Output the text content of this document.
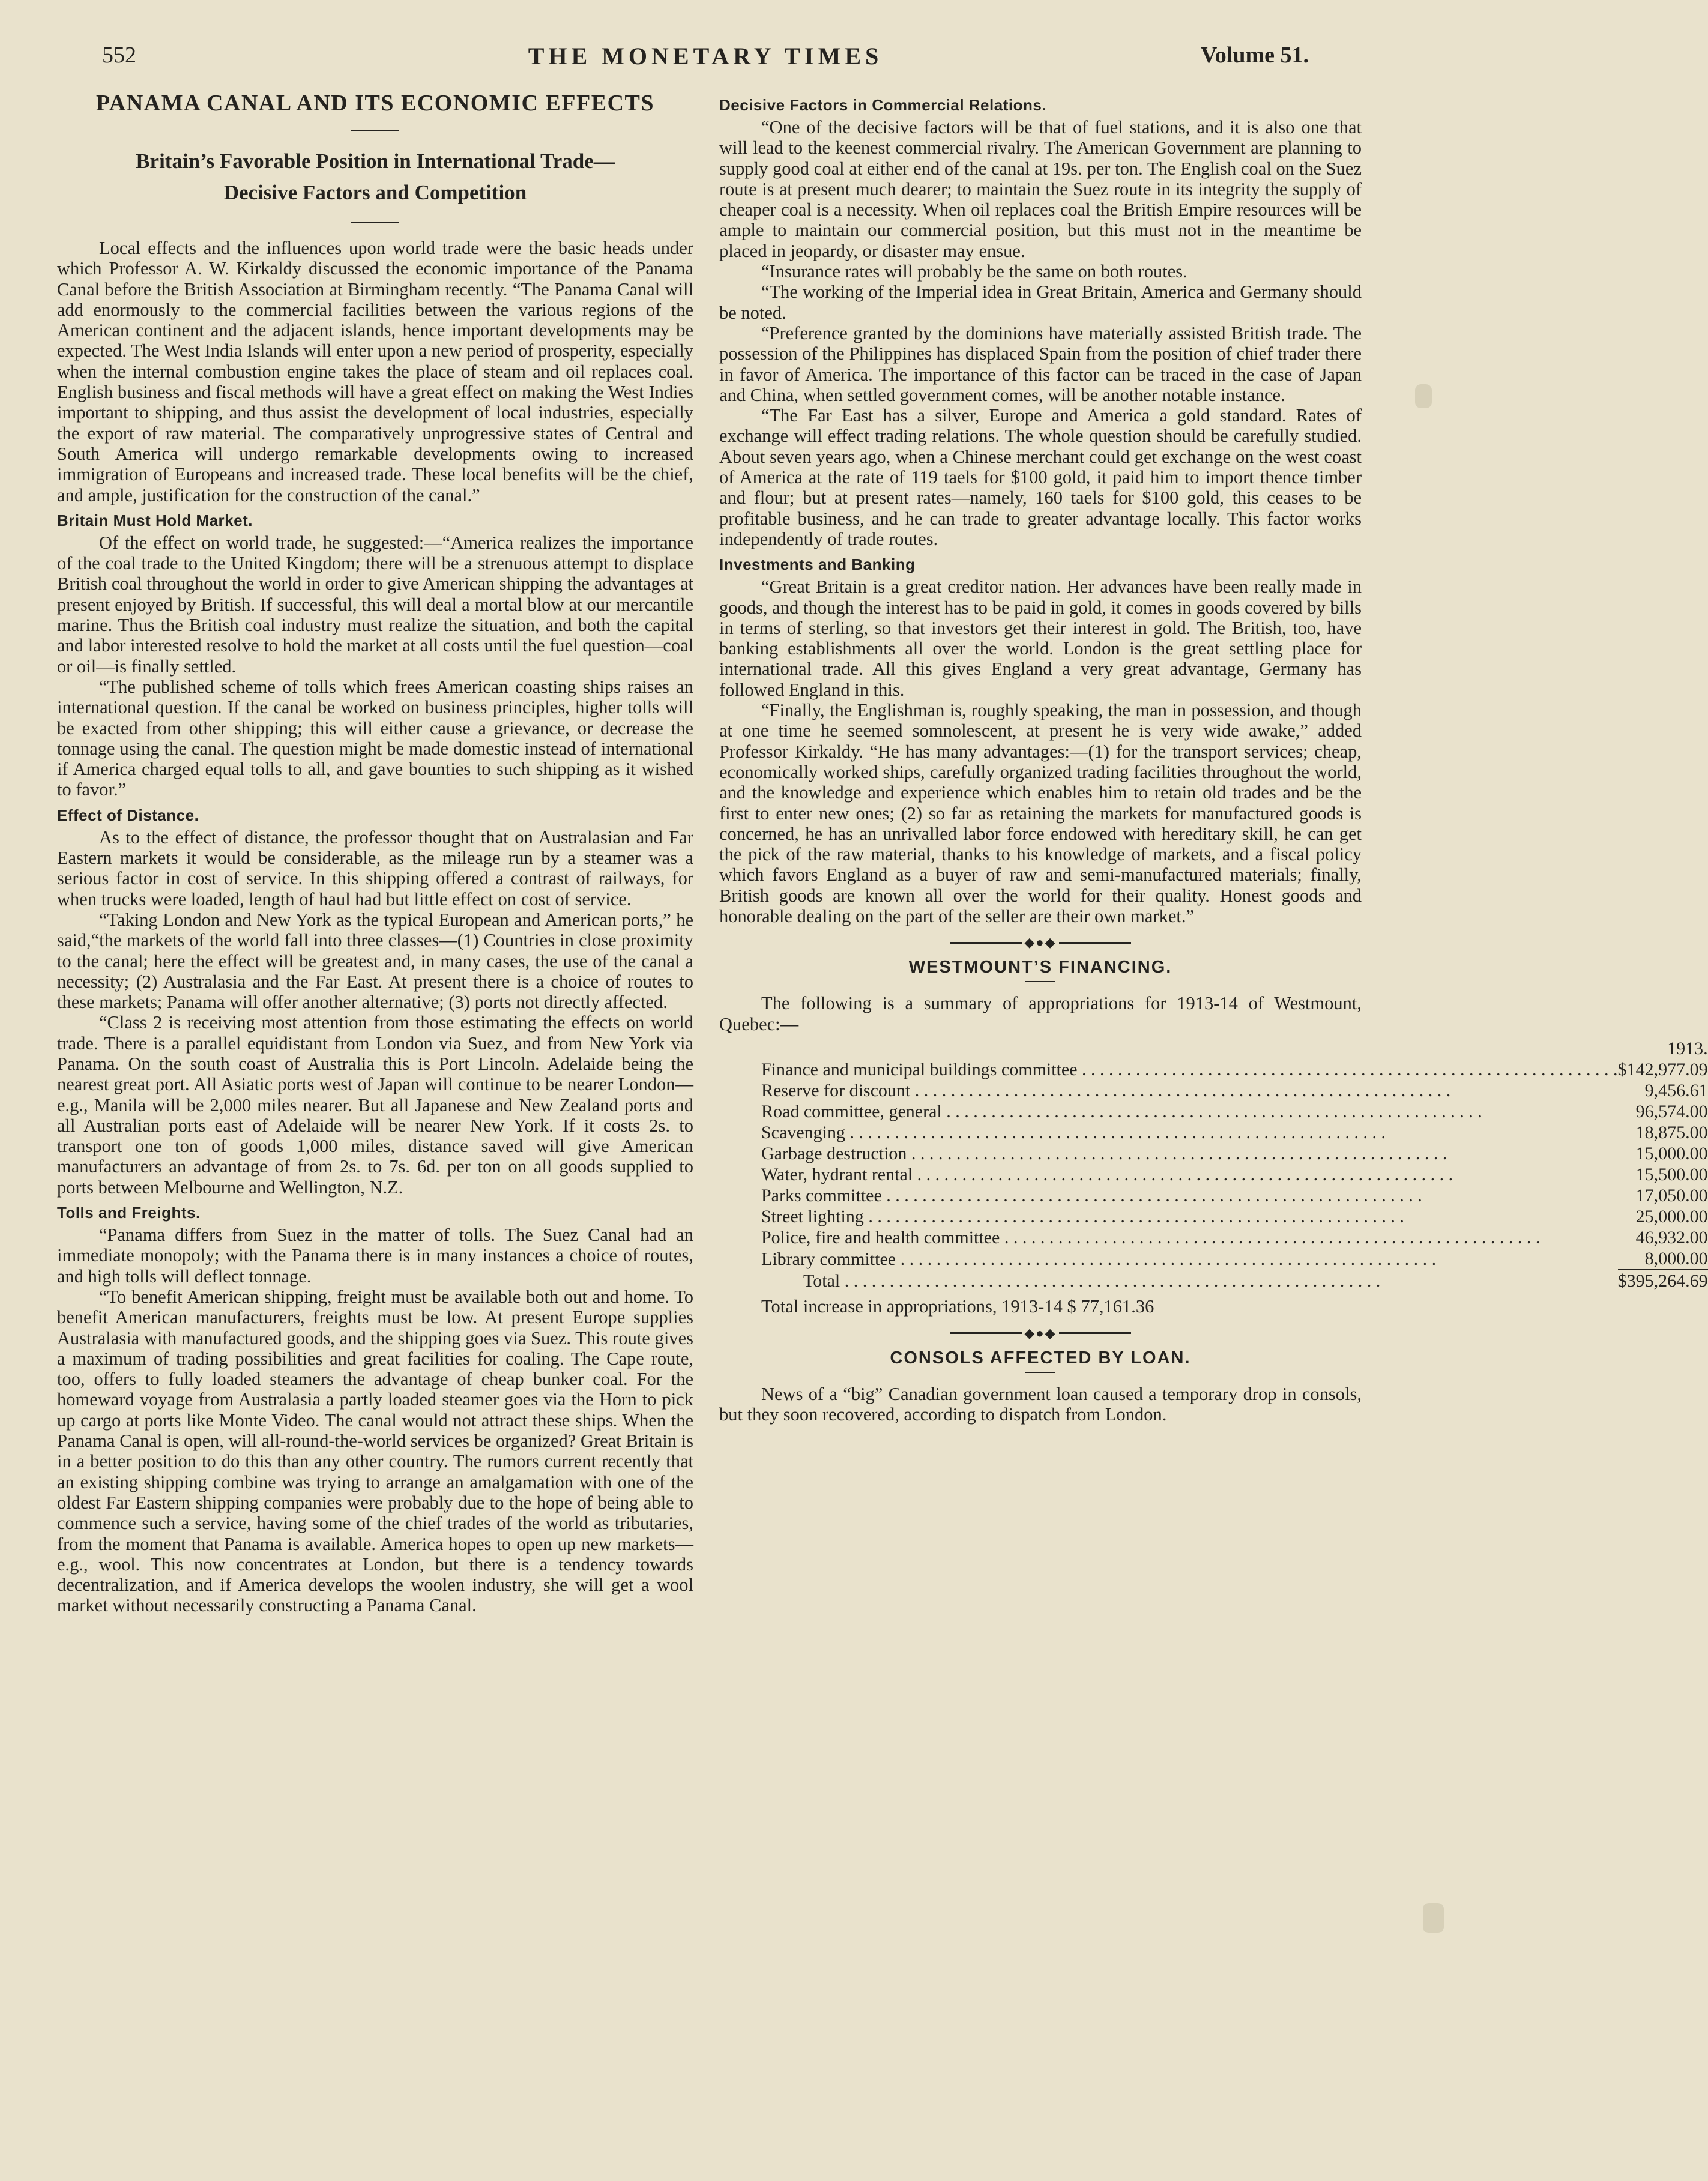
552	THE MONETARY TIMES	Volume 51.
PANAMA CANAL AND ITS ECONOMIC EFFECTS
Britain’s Favorable Position in International Trade—
Decisive Factors and Competition

Local effects and the influences upon world trade were the basic heads under which Professor A. W. Kirkaldy discussed the economic importance of the Panama Canal before the British Association at Birmingham recently. “The Panama Canal will add enormously to the commercial facilities between the various regions of the American continent and the adjacent islands, hence important developments may be expected. The West India Islands will enter upon a new period of prosperity, especially when the internal combustion engine takes the place of steam and oil replaces coal. English business and fiscal methods will have a great effect on making the West Indies important to shipping, and thus assist the development of local industries, especially the export of raw material. The comparatively unprogressive states of Central and South America will undergo remarkable developments owing to increased immigration of Europeans and increased trade. These local benefits will be the chief, and ample, justification for the construction of the canal.”

Britain Must Hold Market.

Of the effect on world trade, he suggested:—“America realizes the importance of the coal trade to the United Kingdom; there will be a strenuous attempt to displace British coal throughout the world in order to give American shipping the advantages at present enjoyed by British. If successful, this will deal a mortal blow at our mercantile marine. Thus the British coal industry must realize the situation, and both the capital and labor interested resolve to hold the market at all costs until the fuel question—coal or oil—is finally settled.

“The published scheme of tolls which frees American coasting ships raises an international question. If the canal be worked on business principles, higher tolls will be exacted from other shipping; this will either cause a grievance, or decrease the tonnage using the canal. The question might be made domestic instead of international if America charged equal tolls to all, and gave bounties to such shipping as it wished to favor.”

Effect of Distance.

As to the effect of distance, the professor thought that on Australasian and Far Eastern markets it would be considerable, as the mileage run by a steamer was a serious factor in cost of service. In this shipping offered a contrast of railways, for when trucks were loaded, length of haul had but little effect on cost of service.

“Taking London and New York as the typical European and American ports,” he said,“the markets of the world fall into three classes—(1) Countries in close proximity to the canal; here the effect will be greatest and, in many cases, the use of the canal a necessity; (2) Australasia and the Far East. At present there is a choice of routes to these markets; Panama will offer another alternative; (3) ports not directly affected.

“Class 2 is receiving most attention from those estimating the effects on world trade. There is a parallel equidistant from London via Suez, and from New York via Panama. On the south coast of Australia this is Port Lincoln. Adelaide being the nearest great port. All Asiatic ports west of Japan will continue to be nearer London—e.g., Manila will be 2,000 miles nearer. But all Japanese and New Zealand ports and all Australian ports east of Adelaide will be nearer New York. If it costs 2s. to transport one ton of goods 1,000 miles, distance saved will give American manufacturers an advantage of from 2s. to 7s. 6d. per ton on all goods supplied to ports between Melbourne and Wellington, N.Z.

Tolls and Freights.

“Panama differs from Suez in the matter of tolls. The Suez Canal had an immediate monopoly; with the Panama there is in many instances a choice of routes, and high tolls will deflect tonnage.

“To benefit American shipping, freight must be available both out and home. To benefit American manufacturers, freights must be low. At present Europe supplies Australasia with manufactured goods, and the shipping goes via Suez. This route gives a maximum of trading possibilities and great facilities for coaling. The Cape route, too, offers to fully loaded steamers the advantage of cheap bunker coal. For the homeward voyage from Australasia a partly loaded steamer goes via the Horn to pick up cargo at ports like Monte Video. The canal would not attract these ships. When the Panama Canal is open, will all-round-the-world services be organized? Great Britain is in a better position to do this than any other country. The rumors current recently that an existing shipping combine was trying to arrange an amalgamation with one of the oldest Far Eastern shipping companies were probably due to the hope of being able to commence such a service, having some of the chief trades of the world as tributaries, from the moment that Panama is available. America hopes to open up new markets—e.g., wool. This now concentrates at London, but there is a tendency towards decentralization, and if America develops the woolen industry, she will get a wool market without necessarily constructing a Panama Canal.

Decisive Factors in Commercial Relations.

“One of the decisive factors will be that of fuel stations, and it is also one that will lead to the keenest commercial rivalry. The American Government are planning to supply good coal at either end of the canal at 19s. per ton. The English coal on the Suez route is at present much dearer; to maintain the Suez route in its integrity the supply of cheaper coal is a necessity. When oil replaces coal the British Empire resources will be ample to maintain our commercial position, but this must not in the meantime be placed in jeopardy, or disaster may ensue.

“Insurance rates will probably be the same on both routes.

“The working of the Imperial idea in Great Britain, America and Germany should be noted.

“Preference granted by the dominions have materially assisted British trade. The possession of the Philippines has displaced Spain from the position of chief trader there in favor of America. The importance of this factor can be traced in the case of Japan and China, when settled government comes, will be another notable instance.

“The Far East has a silver, Europe and America a gold standard. Rates of exchange will effect trading relations. The whole question should be carefully studied. About seven years ago, when a Chinese merchant could get exchange on the west coast of America at the rate of 119 taels for $100 gold, it paid him to import thence timber and flour; but at present rates—namely, 160 taels for $100 gold, this ceases to be profitable business, and he can trade to greater advantage locally. This factor works independently of trade routes.

Investments and Banking

“Great Britain is a great creditor nation. Her advances have been really made in goods, and though the interest has to be paid in gold, it comes in goods covered by bills in terms of sterling, so that investors get their interest in gold. The British, too, have banking establishments all over the world. London is the great settling place for international trade. All this gives England a very great advantage, Germany has followed England in this.

“Finally, the Englishman is, roughly speaking, the man in possession, and though at one time he seemed somnolescent, at present he is very wide awake,” added Professor Kirkaldy. “He has many advantages:—(1) for the transport services; cheap, economically worked ships, carefully organized trading facilities throughout the world, and the knowledge and experience which enables him to retain old trades and be the first to enter new ones; (2) so far as retaining the markets for manufactured goods is concerned, he has an unrivalled labor force endowed with hereditary skill, he can get the pick of the raw material, thanks to his knowledge of markets, and a fiscal policy which favors England as a buyer of raw and semi-manufactured materials; finally, British goods are known all over the world for their quality. Honest goods and honorable dealing on the part of the seller are their own market.”

◆●◆
WESTMOUNT’S FINANCING.

The following is a summary of appropriations for 1913-14 of Westmount, Quebec:—

	1913.
Finance and municipal buildings committee . . . . . . . . . . . . . . . . . . . . . . . . . . . . . . . . . . . . . . . . . . . . . . . . . . . . . . . . . . . .	$142,977.09
Reserve for discount . . . . . . . . . . . . . . . . . . . . . . . . . . . . . . . . . . . . . . . . . . . . . . . . . . . . . . . . . . . .	9,456.61
Road committee, general . . . . . . . . . . . . . . . . . . . . . . . . . . . . . . . . . . . . . . . . . . . . . . . . . . . . . . . . . . . .	96,574.00
Scavenging . . . . . . . . . . . . . . . . . . . . . . . . . . . . . . . . . . . . . . . . . . . . . . . . . . . . . . . . . . . .	18,875.00
Garbage destruction . . . . . . . . . . . . . . . . . . . . . . . . . . . . . . . . . . . . . . . . . . . . . . . . . . . . . . . . . . . .	15,000.00
Water, hydrant rental . . . . . . . . . . . . . . . . . . . . . . . . . . . . . . . . . . . . . . . . . . . . . . . . . . . . . . . . . . . .	15,500.00
Parks committee . . . . . . . . . . . . . . . . . . . . . . . . . . . . . . . . . . . . . . . . . . . . . . . . . . . . . . . . . . . .	17,050.00
Street lighting . . . . . . . . . . . . . . . . . . . . . . . . . . . . . . . . . . . . . . . . . . . . . . . . . . . . . . . . . . . .	25,000.00
Police, fire and health committee . . . . . . . . . . . . . . . . . . . . . . . . . . . . . . . . . . . . . . . . . . . . . . . . . . . . . . . . . . . .	46,932.00
Library committee . . . . . . . . . . . . . . . . . . . . . . . . . . . . . . . . . . . . . . . . . . . . . . . . . . . . . . . . . . . .	8,000.00
Total . . . . . . . . . . . . . . . . . . . . . . . . . . . . . . . . . . . . . . . . . . . . . . . . . . . . . . . . . . . .	$395,264.69
Total increase in appropriations, 1913-14 $ 77,161.36
◆●◆
CONSOLS AFFECTED BY LOAN.

News of a “big” Canadian government loan caused a temporary drop in consols, but they soon recovered, according to dispatch from London.
